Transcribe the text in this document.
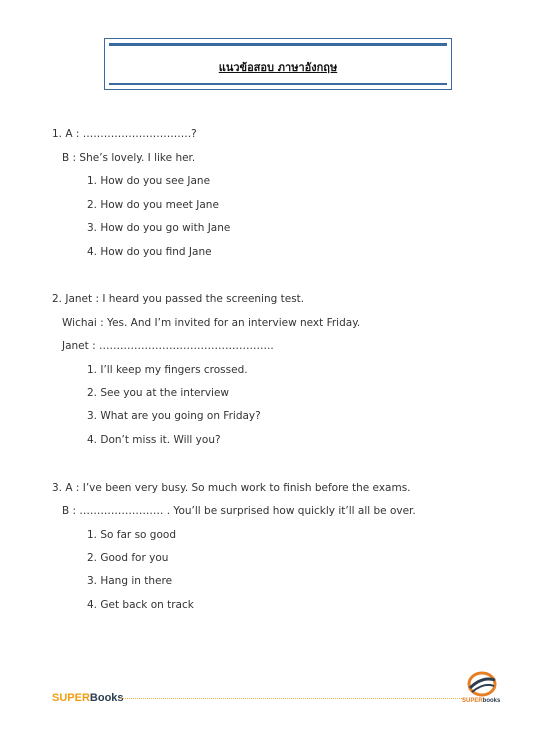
แนวข้อสอบ ภาษาอังกฤษ
1. A : ………………………….?
B : She’s lovely. I like her.
1. How do you see Jane
2. How do you meet Jane
3. How do you go with Jane
4. How do you find Jane
2. Janet : I heard you passed the screening test.
Wichai : Yes. And I’m invited for an interview next Friday.
Janet : …………………………………………..
1. I’ll keep my fingers crossed.
2. See you at the interview
3. What are you going on Friday?
4. Don’t miss it. Will you?
3. A : I’ve been very busy. So much work to finish before the exams.
B : …………………… . You’ll be surprised how quickly it’ll all be over.
1. So far so good
2. Good for you
3. Hang in there
4. Get back on track
SUPERBooks	SUPERbooks
